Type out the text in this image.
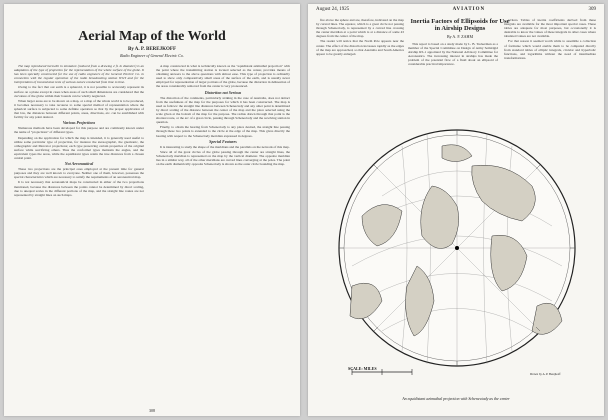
Aerial Map of the World
By A. P. BEREJKOFF
Radio Engineer of General Electric Co.

The map reproduced herewith in miniature (reduced from a drawing 2 ft. in diameter) is an adaptation of the type of projection for the representation of the whole surface of the globe. It has been specially constructed for the use of radio engineers of the General Electric Co. in connection with the regular operation of the radio broadcasting station WGY and for the interpretation of transmission tests of various nature conducted from time to time.

Owing to the fact that our earth is a spheroid, it is not possible to accurately represent its surface on a plane except in cases when areas of such small dimensions are considered that the curvature of the globe within their bounds can be wholly neglected.

When larger areas are to be shown on a map, or a map of the whole world is to be produced, it becomes necessary to take recourse to some special method of representation where the spherical surface is subjected to some definite operation so that by the proper application of that law, the distances between different points, areas, directions, etc. can be established with facility for any point desired.

Various Projections

Numerous methods have been developed for this purpose and are commonly known under the name of "projections" of different types.

Depending on the application for which the map is intended, it is generally used useful to utilize some particular type of projection, for instance the stereographic, the gnomonic, the orthographic and Mercator projections; each type preserving certain properties of the original surface while sacrificing others. Thus the conformal types maintain the angles, and the equivalent types the areas, while the equidistant types retain the true distances from a chosen central point.

Not Aeronautical

These two projections are the principal ones employed at the present time for general purposes and they are well known to everyone. Neither one of them, however, possesses the special characteristics which are necessary to satisfy the requirements of an aeronautical map.

It is not necessary that aeronautical maps be constructed in either of the two projections mentioned, because the distances between the points cannot be determined by direct scaling, due to unequal scales in the different portions of the map, and the straight line routes are not represented by straight lines on such maps.

A map constructed in what is technically known as the "equidistant azimuthal projection" with the point where the transmitting station is located selected as the center, provides means of obtaining answers to the above questions with almost ease. This type of projection is ordinarily used to show only comparatively small areas of the surface of the earth, and is usually never employed for representation of larger portions of the globe, because the distortion in delineation of the areas considerably removed from the center is very pronounced.

Distortion not Serious

The distortion of the continents, particularly striking in the case of Australia, does not detract from the usefulness of the map for the purposes for which it has been constructed. The map is used as follows: the straight line distances between Schenectady and any other point is determined by direct scaling of the distance between the center of the map and the place selected using the scale given at the bottom of the map for the purpose. The radius drawn through that point is the shortest route, or the arc of a great circle, passing through Schenectady and the receiving station in question.

Finally, to obtain the bearing from Schenectady to any place desired, the straight line passing through these two points is extended to the circle at the edge of the map. This gives directly the bearing with respect to the Schenectady meridian expressed in degrees.

Special Features

It is interesting to study the shape of the meridians and the parallels on the network of this map.

Since all of the great circles of the globe passing through the center are straight lines, the Schenectady meridian is represented on the map by the vertical diameter. The opposite meridian lies in a similar way, all of the other meridians are curved lines converging at the poles. The point on the earth diametrically opposite Schenectady is shown as the outer circle bounding the map.

308
August 24, 1925	AVIATION	309

fire above the sphere and are, therefore, indicated on the map by curved lines. The equator, which is a great circle not passing through Schenectady, is represented by a curved line crossing the center meridian at a point which is at a distance of some 43 degrees from the center of the map.

The reader will notice that the North Pole appears near the center. The effect of the distortion increases rapidly as the edges of the map are approached, so that Australia and South America appear to be greatly enlarged.

Inertia Factors of Ellipsoids for Use in Airship Designs
By A. F. ZAHM

This report is based on a study made by L. B. Tuckerman as a member of the Special Committee on Design of Army Semirigid Airship RS-1 appointed by the National Advisory Committee for Aeronautics. The increasing interest in airships has made the problem of the potential flow of a fluid about an ellipsoid of considerable practical importance.

writers. Tables of inertia coefficients derived from these integrals are available for the most important special cases. These tables are adequate for most purposes, but occasionally it is desirable to know the values of these integrals in other cases where tabulated values are not available.

For that reason it seemed worth while to assemble a collection of formulae which would enable them to be computed directly from standard tables of elliptic integrals, circular and hyperbolic functions, and logarithms without the need of intermediate transformations.

SCALE: MILES
Drawn by A. P. Berejkoff
An equidistant azimuthal projection with Schenectady as the center
